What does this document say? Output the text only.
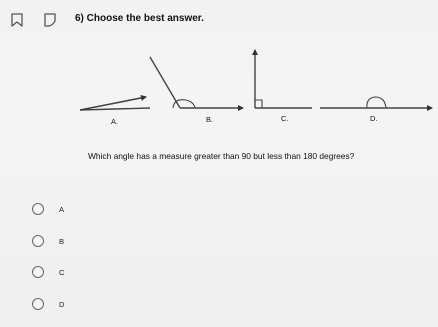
6) Choose the best answer.
A.	B.	C.	D.
Which angle has a measure greater than 90 but less than 180 degrees?
A
B
C
D
